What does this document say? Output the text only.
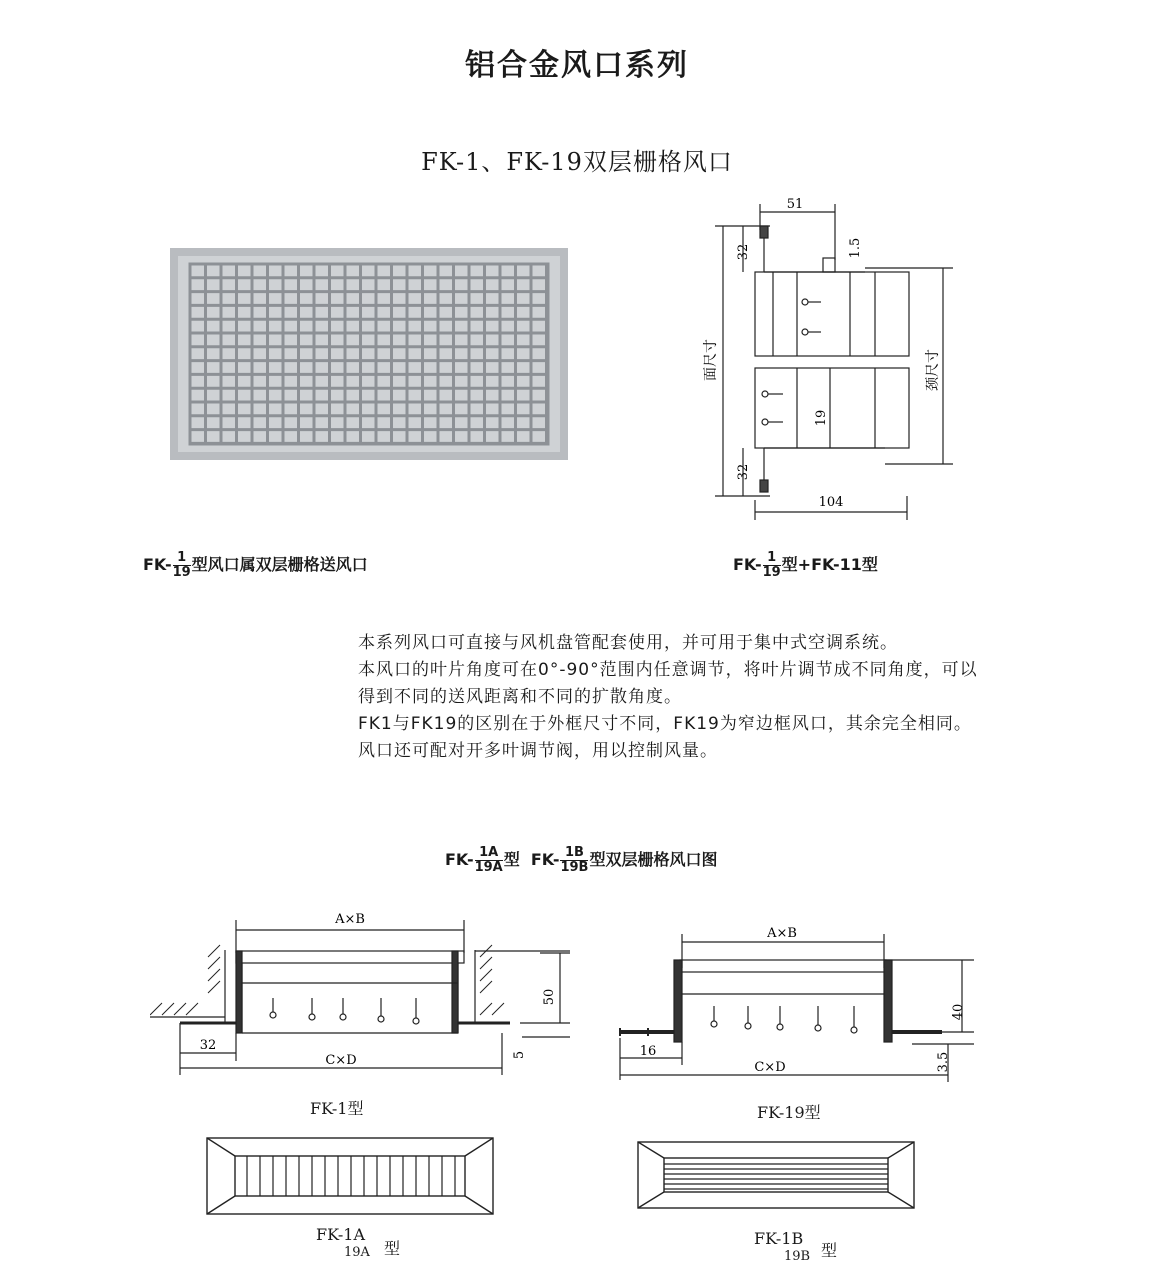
铝合金风口系列
FK-1、FK-19双层栅格风口
$FK- \frac{1}{19}$ 型风口属双层栅格送风口
51
32	1.5
面尺寸	颈尺寸
19
32
104
$FK- \frac{1}{19}$ 型+FK-11型

本系列风口可直接与风机盘管配套使用，并可用于集中式空调系统。

本风口的叶片角度可在0°-90°范围内任意调节，将叶片调节成不同角度，可以得到不同的送风距离和不同的扩散角度。

FK1与FK19的区别在于外框尺寸不同，FK19为窄边框风口，其余完全相同。风口还可配对开多叶调节阀，用以控制风量。

$FK- \frac{1A}{19A}$ 型  $FK- \frac{1B}{19B}$ 型双层栅格风口图
A×B
50
32
C×D	5
FK-1型
A×B
40
16
C×D	3.5
FK-19型
FK-1A
19A 型
FK-1B
19B 型
